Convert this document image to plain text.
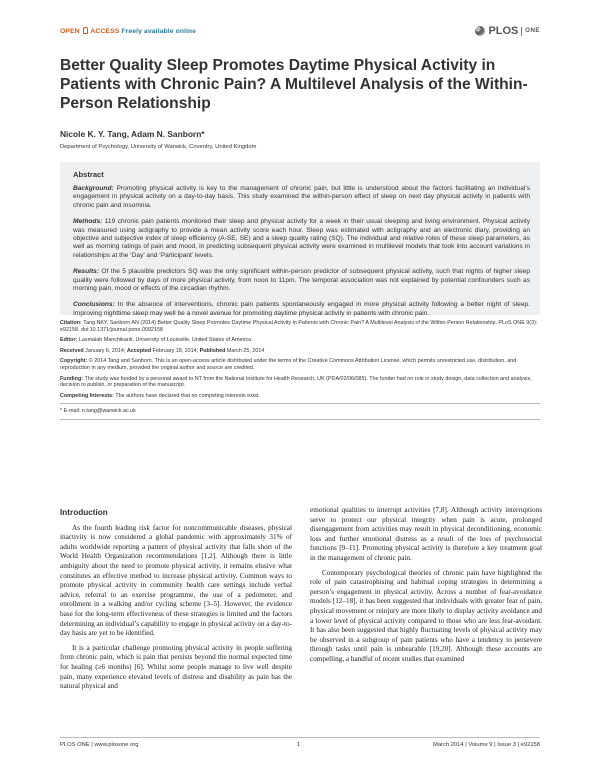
OPEN ACCESS Freely available online	PLOS ONE
Better Quality Sleep Promotes Daytime Physical Activity in Patients with Chronic Pain? A Multilevel Analysis of the Within-Person Relationship
Nicole K. Y. Tang, Adam N. Sanborn*
Department of Psychology, University of Warwick, Coventry, United Kingdom
Abstract

Background: Promoting physical activity is key to the management of chronic pain, but little is understood about the factors facilitating an individual’s engagement in physical activity on a day-to-day basis. This study examined the within-person effect of sleep on next day physical activity in patients with chronic pain and insomnia.

Methods: 119 chronic pain patients monitored their sleep and physical activity for a week in their usual sleeping and living environment. Physical activity was measured using actigraphy to provide a mean activity score each hour. Sleep was estimated with actigraphy and an electronic diary, providing an objective and subjective index of sleep efficiency (A-SE, SE) and a sleep quality rating (SQ). The individual and relative roles of these sleep parameters, as well as morning ratings of pain and mood, in predicting subsequent physical activity were examined in multilevel models that took into account variations in relationships at the ‘Day’ and ‘Participant’ levels.

Results: Of the 5 plausible predictors SQ was the only significant within-person predictor of subsequent physical activity, such that nights of higher sleep quality were followed by days of more physical activity, from noon to 11pm. The temporal association was not explained by potential confounders such as morning pain, mood or effects of the circadian rhythm.

Conclusions: In the absence of interventions, chronic pain patients spontaneously engaged in more physical activity following a better night of sleep. Improving nighttime sleep may well be a novel avenue for promoting daytime physical activity in patients with chronic pain.

Citation: Tang NKY, Sanborn AN (2014) Better Quality Sleep Promotes Daytime Physical Activity in Patients with Chronic Pain? A Multilevel Analysis of the Within-Person Relationship. PLoS ONE 9(3): e92158. doi:10.1371/journal.pone.0092158

Editor: Laxmaiah Manchikanti, University of Louisville, United States of America

Received January 6, 2014; Accepted February 18, 2014; Published March 25, 2014

Copyright: © 2014 Tang and Sanborn. This is an open-access article distributed under the terms of the Creative Commons Attribution License, which permits unrestricted use, distribution, and reproduction in any medium, provided the original author and source are credited.

Funding: The study was funded by a personal award to NT from the National Institute for Health Research, UK (PDA/02/06/085). The funder had no role in study design, data collection and analysis, decision to publish, or preparation of the manuscript.

Competing Interests: The authors have declared that no competing interests exist.

* E-mail: n.tang@warwick.ac.uk

Introduction

As the fourth leading risk factor for noncommunicable diseases, physical inactivity is now considered a global pandemic with approximately 31% of adults worldwide reporting a pattern of physical activity that falls short of the World Health Organization recommendations [1,2]. Although there is little ambiguity about the need to promote physical activity, it remains elusive what constitutes an effective method to increase physical activity. Common ways to promote physical activity in community health care settings include verbal advice, referral to an exercise programme, the use of a pedometer, and enrollment in a walking and/or cycling scheme [3–5]. However, the evidence base for the long-term effectiveness of these strategies is limited and the factors determining an individual’s capability to engage in physical activity on a day-to-day basis are yet to be identified.

It is a particular challenge promoting physical activity in people suffering from chronic pain, which is pain that persists beyond the normal expected time for healing (≥6 months) [6]. Whilst some people manage to live well despite pain, many experience elevated levels of distress and disability as pain has the natural physical and

emotional qualities to interrupt activities [7,8]. Although activity interruptions serve to protect our physical integrity when pain is acute, prolonged disengagement from activities may result in physical deconditioning, economic loss and further emotional distress as a result of the loss of psychosocial functions [9–11]. Promoting physical activity is therefore a key treatment goal in the management of chronic pain.

Contemporary psychological theories of chronic pain have highlighted the role of pain catastrophising and habitual coping strategies in determining a person’s engagement in physical activity. Across a number of fear-avoidance models [12–18], it has been suggested that individuals with greater fear of pain, physical movement or reinjury are more likely to display activity avoidance and a lower level of physical activity compared to those who are less fear-avoidant. It has also been suggested that highly fluctuating levels of physical activity may be observed in a subgroup of pain patients who have a tendency to persevere through tasks until pain is unbearable [19,20]. Although these accounts are compelling, a handful of recent studies that examined

PLOS ONE | www.plosone.org	1	March 2014 | Volume 9 | Issue 3 | e92158
